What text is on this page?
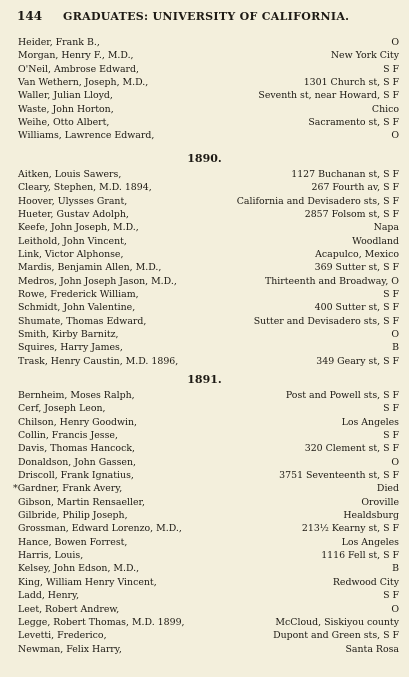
144 GRADUATES: UNIVERSITY OF CALIFORNIA.
Heider, Frank B.,	O
Morgan, Henry F., M.D.,	New York City
O'Neil, Ambrose Edward,	S F
Van Wethern, Joseph, M.D.,	1301 Church st, S F
Waller, Julian Lloyd,	Seventh st, near Howard, S F
Waste, John Horton,	Chico
Weihe, Otto Albert,	Sacramento st, S F
Williams, Lawrence Edward,	O
1890.
Aitken, Louis Sawers,	1127 Buchanan st, S F
Cleary, Stephen, M.D. 1894,	267 Fourth av, S F
Hoover, Ulysses Grant,	California and Devisadero sts, S F
Hueter, Gustav Adolph,	2857 Folsom st, S F
Keefe, John Joseph, M.D.,	Napa
Leithold, John Vincent,	Woodland
Link, Victor Alphonse,	Acapulco, Mexico
Mardis, Benjamin Allen, M.D.,	369 Sutter st, S F
Medros, John Joseph Jason, M.D.,	Thirteenth and Broadway, O
Rowe, Frederick William,	S F
Schmidt, John Valentine,	400 Sutter st, S F
Shumate, Thomas Edward,	Sutter and Devisadero sts, S F
Smith, Kirby Barnitz,	O
Squires, Harry James,	B
Trask, Henry Caustin, M.D. 1896,	349 Geary st, S F
1891.
Bernheim, Moses Ralph,	Post and Powell sts, S F
Cerf, Joseph Leon,	S F
Chilson, Henry Goodwin,	Los Angeles
Collin, Francis Jesse,	S F
Davis, Thomas Hancock,	320 Clement st, S F
Donaldson, John Gassen,	O
Driscoll, Frank Ignatius,	3751 Seventeenth st, S F
*Gardner, Frank Avery,	Died
Gibson, Martin Rensaeller,	Oroville
Gilbride, Philip Joseph,	Healdsburg
Grossman, Edward Lorenzo, M.D.,	213½ Kearny st, S F
Hance, Bowen Forrest,	Los Angeles
Harris, Louis,	1116 Fell st, S F
Kelsey, John Edson, M.D.,	B
King, William Henry Vincent,	Redwood City
Ladd, Henry,	S F
Leet, Robert Andrew,	O
Legge, Robert Thomas, M.D. 1899,	McCloud, Siskiyou county
Levetti, Frederico,	Dupont and Green sts, S F
Newman, Felix Harry,	Santa Rosa
